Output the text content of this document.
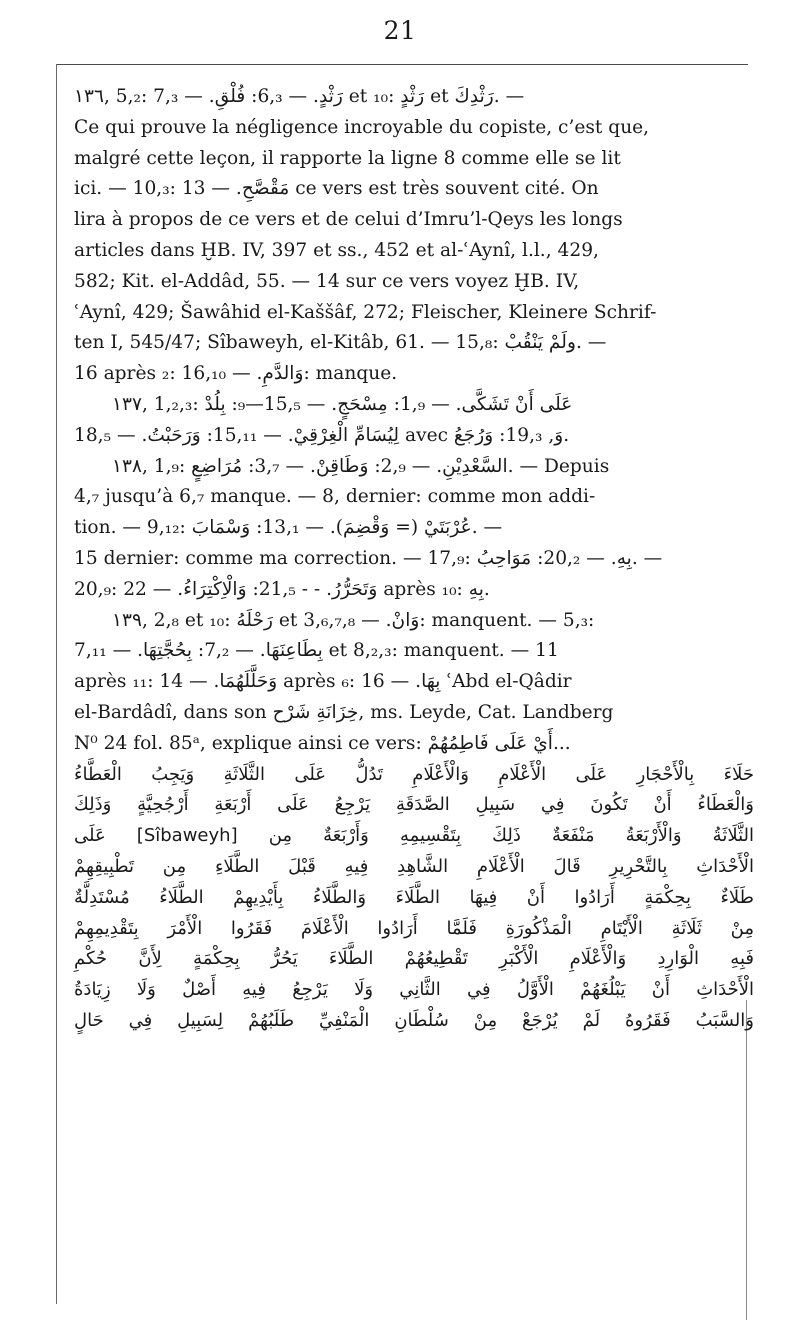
21
١٣٦, 5,₂: رَثْدٍ. — 6,₃: فُلْقِ. — 7,₃ et ₁₀: رَثْدٍ et رَثْدِكَ. —
Ce qui prouve la négligence incroyable du copiste, c’est que,
malgré cette leçon, il rapporte la ligne 8 comme elle se lit
ici. — 10,₃: مَقْصَّحِ. — 13 ce vers est très souvent cité. On
lira à propos de ce vers et de celui d’Imru’l-Qeys les longs
articles dans ḪB. IV, 397 et ss., 452 et al-ʿAynî, l.l., 429,
582; Kit. el-Addâd, 55. — 14 sur ce vers voyez ḪB. IV,
ʿAynî, 429; Šawâhid el-Kaššâf, 272; Fleischer, Kleinere Schrif-
ten I, 545/47; Sîbaweyh, el-Kitâb, 61. — 15,₈: ولَمْ يَنْقُبْ. —
16 après ₂: وَالدَّمِ. — 16,₁₀: manque.
١٣٧, 1,₂,₃: عَلَى أَنْ تَشَكَّى. — 1,₉: مِسْحَجٍ. — 15,₅—₉: بِلُدْ
لِيُسَامِّ الْغِرْقِيْ. — 15,₁₁: وَرَحَبْتُ. — 18,₅ avec وَ, 19,₃: وَرُجَعُ.
١٣٨, 1,₉: السَّعْدِيْنِ. — 2,₉: وَطَاقِنْ. — 3,₇: مُرَاضِعٍ. — Depuis
4,₇ jusqu’à 6,₇ manque. — 8, dernier: comme mon addi-
tion. — 9,₁₂: عُرْبَتَيْ (= وَقْضِمَ). — 13,₁: وَسْمَابَ. —
15 dernier: comme ma correction. — 17,₉: بِهِ. — 20,₂: مَوَاحِبُ. —
20,₉: وَتَحَرُّرُ. - - 21,₅: وَالْاِكْتِرَاءُ. — 22 après ₁₀: بِهِ.
١٣٩, 2,₈ et ₁₀: رَحْلَهُ et وَانْ. — 3,₆,₇,₈: manquent. — 5,₃:
بِطَاعِنَهَا. — 7,₂: بِحُجَّتِهَا. — 7,₁₁ et 8,₂,₃: manquent. — 11
après ₁₁: وَحَلَّلَهُمَا. — 14 après ₆: بِهَا. — 16 ʿAbd el-Qâdir
el-Bardâdî, dans son خِزَانَةِ شَرْح, ms. Leyde, Cat. Landberg
N⁰ 24 fol. 85ᵃ, explique ainsi ce vers: أَيْ عَلَى فَاطِمُهُمْ...
حَلَاءَ بِالْأَحْجَارِ عَلَى الْأَعْلَامِ وَالْأَعْلَامِ تَدُلُّ عَلَى الثَّلَاثَةِ وَيَجِبُ الْعَطَّاءُ
وَالْعَطَاءُ أَنْ تَكُونَ فِي سَبِيلِ الصَّدَقَةِ يَرْجِعُ عَلَى أَرْبَعَةِ أَرْجُحِيَّةٍ وَذَلِكَ
الثَّلَاثَةُ وَالْأَرْبَعَةُ مَنْفَعَةٌ ذَلِكَ بِتَقْسِيمِهِ وَأَرْبَعَةٌ مِن [Sîbaweyh] عَلَى
الْأَحْدَاثِ بِالتَّحْرِيرِ قَالَ الْأَعْلَامِ الشَّاهِدِ فِيهِ قَبْلَ الطَّلَاءِ مِن تَطْبِيقِهِمْ
طَلَاءٌ بِحِكْمَةٍ أَرَادُوا أَنْ فِيهَا الطَّلَاءَ وَالطَّلَاءُ بِأَيْدِيهِمْ الطَّلَاءُ مُسْتَدِلَّةٌ
مِنْ ثَلَاثَةِ الْأَيْتَامِ الْمَذْكُورَةِ فَلَمَّا أَرَادُوا الْأَعْلَامَ فَقَرُوا الْأَمْرَ بِتَقْدِيمِهِمْ
فَبِهِ الْوَارِدِ وَالْأَعْلَامِ الْأَكْبَرِ تَقْطِيعُهُمْ الطَّلَاءَ يَحُرُّ بِحِكْمَةٍ لِأَنَّ حُكْمِ
الْأَحْدَاثِ أَنْ يَبْلُغَهُمْ الْأَوَّلُ فِي الثَّانِي وَلَا يَرْجِعُ فِيهِ أَصْلٌ وَلَا زِيَادَةُ
وَالسَّبَبُ فَقَرُوهُ لَمْ يُرْجَعْ مِنْ سُلْطَانِ الْمَنْفِيِّ طَلَبُهُمْ لِسَبِيلِ فِي حَالٍ
